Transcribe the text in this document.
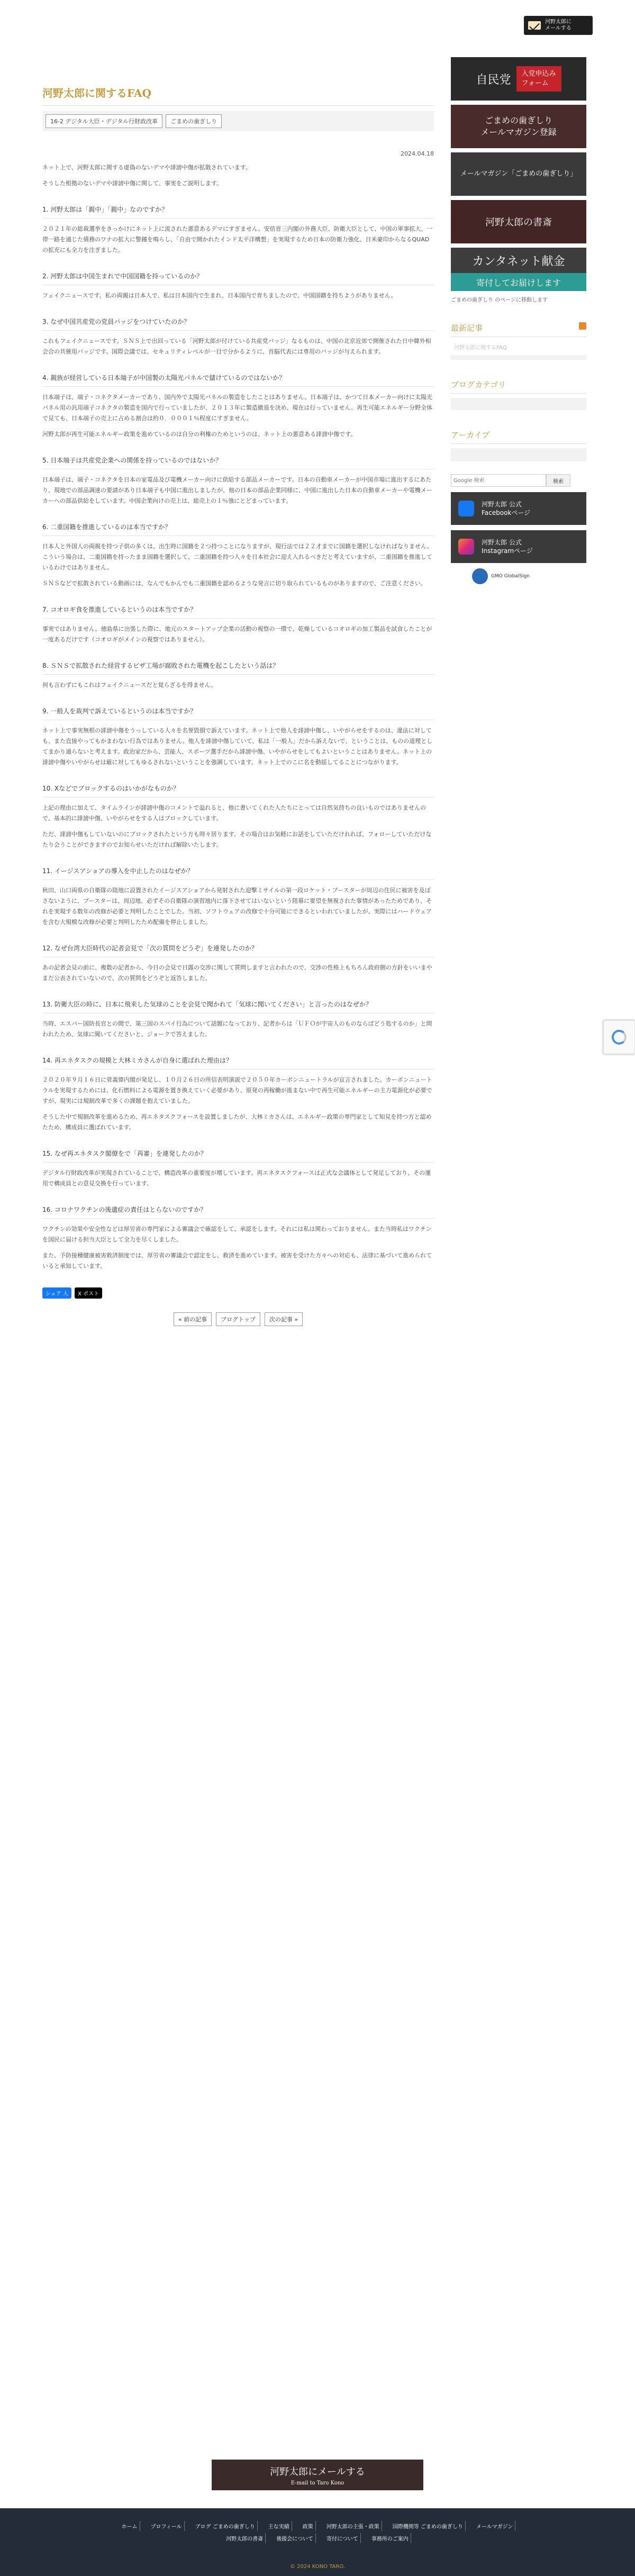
河野太郎に
メールする
河野太郎に関するFAQ
16-2 デジタル大臣・デジタル行財政改革	ごまめの歯ぎしり
2024.04.18

ネット上で、河野太郎に関する虚偽のないデマや誹謗中傷が拡散されています。

そうした根拠のないデマや誹謗中傷に関して、事実をご説明します。

1. 河野太郎は「親中」「親中」なのですか？

２０２１年の総裁選挙をきっかけにネット上に流された悪意あるデマにすぎません。安倍晋三内閣の外務大臣、防衛大臣として、中国の軍事拡大、一帯一路を通じた債務のワナの拡大に警鐘を鳴らし、「自由で開かれたインド太平洋構想」を実現するため日本の防衛力強化、日米豪印からなるQUADの拡充にも全力を注ぎました。

2. 河野太郎は中国生まれで中国国籍を持っているのか？

フェイクニュースです。私の両親は日本人で、私は日本国内で生まれ、日本国内で育ちましたので、中国国籍を持ちようがありません。

3. なぜ中国共産党の党員バッジをつけていたのか？

これもフェイクニュースです。ＳＮＳ上で出回っている「河野太郎が付けている共産党バッジ」なるものは、中国の北京近郊で開催された日中韓外相会合の共催用バッジです。国際会議では、セキュリティレベルが一目で分かるように、首脳代表には専用のバッジが与えられます。

4. 親族が経営している日本端子が中国製の太陽光パネルで儲けているのではないか？

日本端子は、端子・コネクタメーカーであり、国内外で太陽光パネルの製造をしたことはありません。日本端子は、かつて日本メーカー向けに太陽光パネル用の汎用端子コネクタの製造を国内で行っていましたが、２０１３年に製造撤退を決め、現在は行っていません。再生可能エネルギー分野全体で見ても、日本端子の売上に占める割合は約０．０００１％程度にすぎません。

河野太郎が再生可能エネルギー政策を進めているのは自分の利権のためというのは、ネット上の悪意ある誹謗中傷です。

5. 日本端子は共産党企業への関係を持っているのではないか？

日本端子は、端子・コネクタを日本の家電品及び電機メーカー向けに供給する部品メーカーです。日本の自動車メーカーが中国市場に進出するにあたり、現地での部品調達の要請があり日本端子も中国に進出しましたが、他の日本の部品企業同様に、中国に進出した日本の自動車メーカーや電機メーカーへの部品供給をしています。中国企業向けの売上は、総売上の１％強にとどまっています。

6. 二重国籍を推進しているのは本当ですか？

日本人と外国人の両親を持つ子供の多くは、出生時に国籍を２つ持つことになりますが、現行法では２２才までに国籍を選択しなければなりません。こういう場合は、二重国籍を持ったまま国籍を選択して、二重国籍を持つ人々を日本社会に迎え入れるべきだと考えていますが、二重国籍を推進しているわけではありません。

ＳＮＳなどで拡散されている動画には、なんでもかんでも二重国籍を認めるような発言に切り取られているものがありますので、ご注意ください。

7. コオロギ食を推進しているというのは本当ですか？

事実ではありません。徳島県に出張した際に、地元のスタートアップ企業の活動の視察の一環で、乾燥しているコオロギの加工製品を試食したことが一度あるだけです（コオロギがメインの視察ではありません）。

8. ＳＮＳで拡散された経営するビザ工場が腐敗された電機を起こしたという話は？

何も言わずにもこれはフェイクニュースだと覚らざるを得ません。

9. 一般人を裁判で訴えているというのは本当ですか？

ネット上で事実無根の誹謗中傷をうっしている人々を名誉毀損で訴えています。ネット上で他人を誹謗中傷し、いやがらせをするのは、違法に対しても、また直接やってもかまわない行為ではありません。他人を誹謗中傷していて、私は「一般人」だから訴えないで、ということは、ものの道理としてまかり通らないと考えます。政治家だから、芸能人、スポーツ選手だから誹謗中傷、いやがらせをしてもよいということはありません。ネット上の誹謗中傷やいやがらせは厳に対してもゆるされないということを強調しています。ネット上でのこに名を動揺してることにつながります。

10. Xなどでブロックするのはいかがなものか？

上記の理由に加えて、タイムラインが誹謗中傷のコメントで溢れると、他に書いてくれた人たちにとっては自然気持ちの良いものではありませんので、基本的に誹謗中傷、いやがらせをする人はブロックしています。

ただ、誹謗中傷もしていないのにブロックされたという方も時々居ります。その場合はお気軽にお話をしていただけれれば、フォローしていただけなたり会うことができますのでお知らせいただければ解除いたします。

11. イージスアショアの導入を中止したのはなぜか？

秋田、山口両県の自衛隊の陸地に設置されたイージスアショアから発射された迎撃ミサイルの第一段ロケット・ブースターが周辺の住民に被害を及ぼさないように、ブースターは、周辺地、必ずその自衛隊の演習地内に落下させてはいないという陸幕に要望を無視された事情があったためであり、それを実現する数年の改修が必要と判明したことでした。当初、ソフトウェアの改修で十分可能にできるといわれていましたが、実際にはハードウェアを含む大規模な改修が必要と判明したため配備を停止しました。

12. なぜ台湾大臣時代の記者会見で「次の質問をどうぞ」を連発したのか？

あの記者会見の前に、複数の記者から、今日の会見で日露の交渉に関して質問しますと言われたので、交渉の性格上もちろん政府側の方針をいいまやまだ公表されていないので、次の質問をどうぞと返答しました。

13. 防衛大臣の時に、日本に飛来した気球のことを会見で聞かれて「気球に聞いてください」と言ったのはなぜか？

当時、エスパー国防長官との間で、第三国のスパイ行為について話題になっており、記者からは「ＵＦＯが宇宙人のものならばどう処するのか」と問われたため、気球に聞いてくださいと、ジョークで答えました。

14. 再エネタスクの規模と大林ミカさんが自身に選ばれた理由は？

２０２０年９月１６日に菅義偉内閣が発足し、１０月２６日の所信表明演説で２０５０年カーボンニュートラルが宣言されました。カーボンニュートラルを実現するためには、化石燃料による電源を置き換えていく必要があり、原発の再稼働が進まない中で再生可能エネルギーの主力電源化が必要ですが、現実には規制改革で多くの課題を抱えていました。

そうした中で規制改革を進めるため、再エネタスクフォースを設置しましたが、大林ミカさんは、エネルギー政策の専門家として知見を持つ方と認めたため、構成員に選ばれています。

15. なぜ再エネタスク閣僚をで「再審」を連発したのか？

デジタル行財政改革が実現されていることで、構造改革の重要度が増しています。再エネタスクフォースは正式な会議体として発足しており、その運用で構成員との意見交換を行っています。

16. コロナワクチンの後遺症の責任はとらないのですか？

ワクチンの効果や安全性などは厚労省の専門家による審議会で確認をして、承認をします。それには私は関わっておりません。また当時私はワクチンを国民に届ける担当大臣として全力を尽くしました。

また、予防接種健康被害救済制度では、厚労省の審議会で認定をし、救済を進めています。被害を受けた方々への対応も、法律に基づいて進められていると承知しています。

シェア 人	X ポスト
« 前の記事	ブログトップ	次の記事 »
自民党	入党申込み
フォーム
ごまめの歯ぎしり
メールマガジン登録
メールマガジン「ごまめの歯ぎしり」
河野太郎の書斎
カンタネット献金
寄付してお届けします
ごまめの歯ぎしり のページに移動します
最新記事
河野太郎に関するFAQ
ブログカテゴリ
アーカイブ
Google 検索
検索
河野太郎 公式
Facebookページ
河野太郎 公式
Instagramページ
GMO GlobalSign
河野太郎にメールする
E-mail to Taro Kono
ホーム	プロフィール	ブログ ごまめの歯ぎしり	主な実績	政策	河野太郎の主張・政策	国際機関等 ごまめの歯ぎしり	メールマガジン
河野太郎の書斎	後援会について	寄付について	事務所のご案内
© 2024 KONO TARO.
